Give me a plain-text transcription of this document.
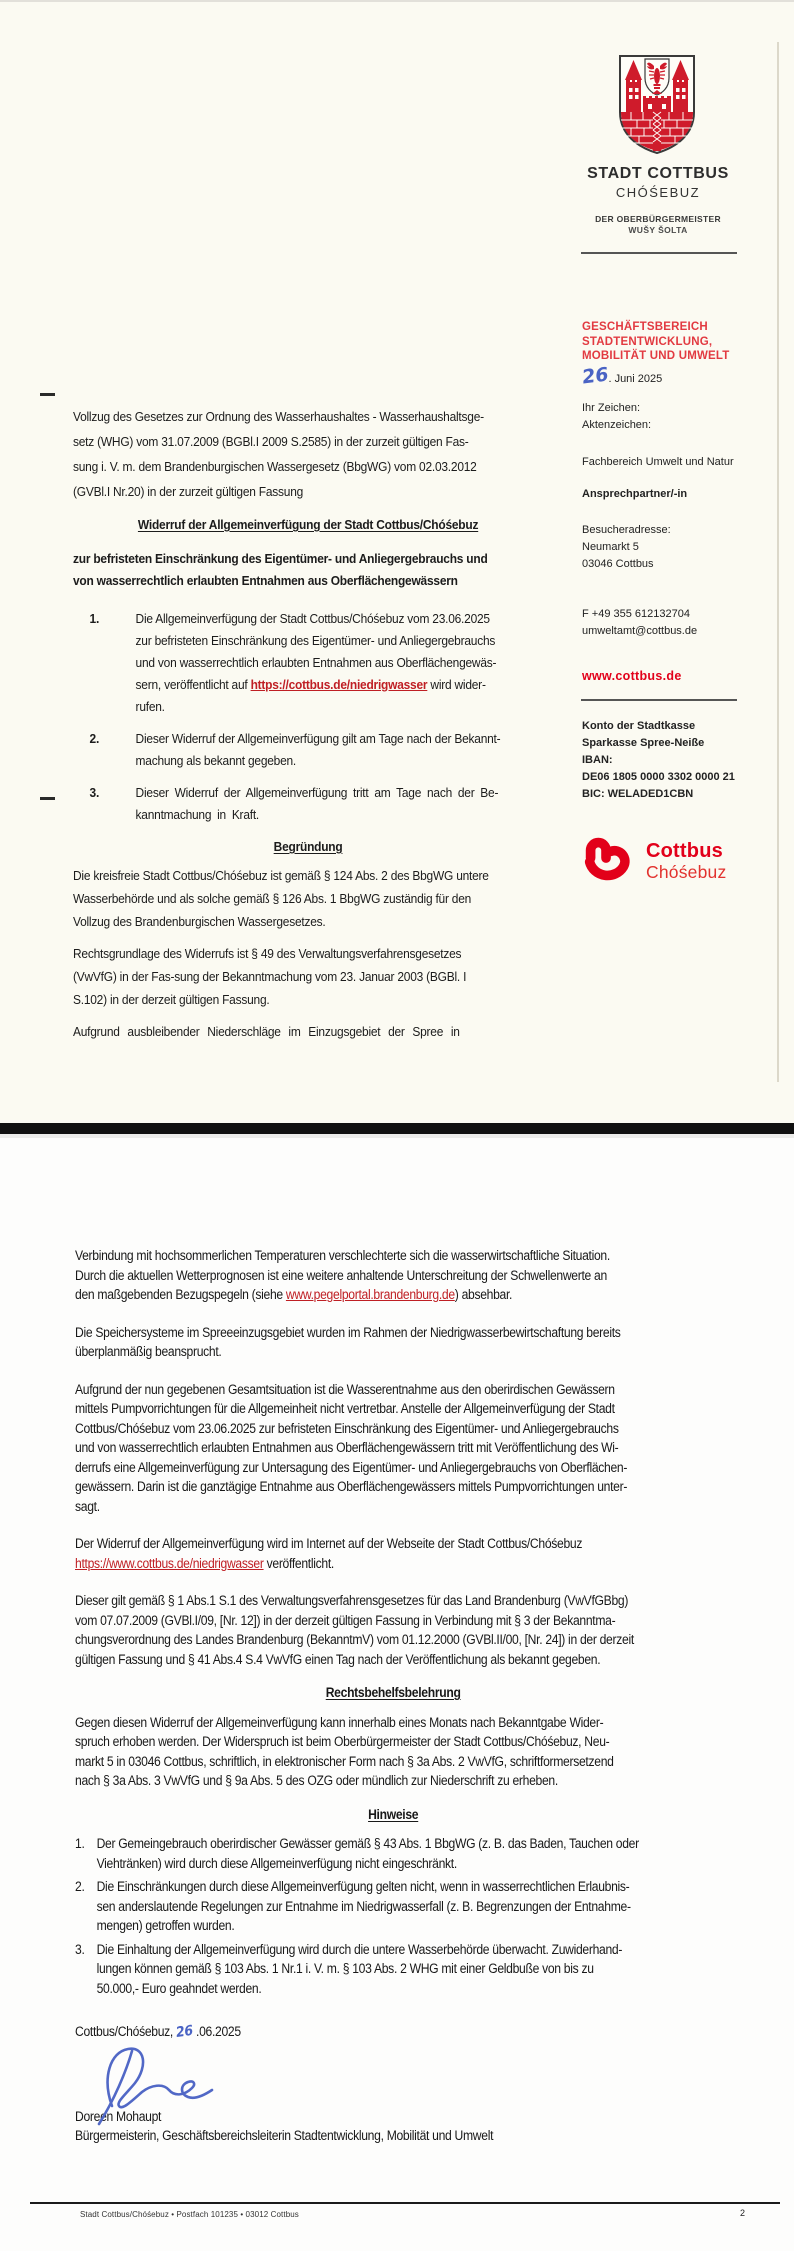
STADT COTTBUS
CHÓŚEBUZ
DER OBERBÜRGERMEISTER
WUŠY ŠOLTA
GESCHÄFTSBEREICH
STADTENTWICKLUNG,
MOBILITÄT UND UMWELT
26. Juni 2025
Ihr Zeichen:
Aktenzeichen:
Fachbereich Umwelt und Natur
Ansprechpartner/-in
Besucheradresse:
Neumarkt 5
03046 Cottbus
F +49 355 612132704
umweltamt@cottbus.de
www.cottbus.de
Konto der Stadtkasse
Sparkasse Spree-Neiße
IBAN:
DE06 1805 0000 3302 0000 21
BIC: WELADED1CBN
Cottbus
Chóśebuz

Vollzug des Gesetzes zur Ordnung des Wasserhaushaltes - Wasserhaushaltsge-
setz (WHG) vom 31.07.2009 (BGBl.I 2009 S.2585) in der zurzeit gültigen Fas-
sung i. V. m. dem Brandenburgischen Wassergesetz (BbgWG) vom 02.03.2012
(GVBl.I Nr.20) in der zurzeit gültigen Fassung

Widerruf der Allgemeinverfügung der Stadt Cottbus/Chóśebuz
zur befristeten Einschränkung des Eigentümer- und Anliegergebrauchs und
von wasserrechtlich erlaubten Entnahmen aus Oberflächengewässern
1.	Die Allgemeinverfügung der Stadt Cottbus/Chóśebuz vom 23.06.2025
zur befristeten Einschränkung des Eigentümer- und Anliegergebrauchs
und von wasserrechtlich erlaubten Entnahmen aus Oberflächengewäs-
sern, veröffentlicht auf https://cottbus.de/niedrigwasser wird wider-
rufen.
2.	Dieser Widerruf der Allgemeinverfügung gilt am Tage nach der Bekannt-
machung als bekannt gegeben.
3.	Dieser Widerruf der Allgemeinverfügung tritt am Tage nach der Be-
kanntmachung in Kraft.
Begründung

Die kreisfreie Stadt Cottbus/Chóśebuz ist gemäß § 124 Abs. 2 des BbgWG untere
Wasserbehörde und als solche gemäß § 126 Abs. 1 BbgWG zuständig für den
Vollzug des Brandenburgischen Wassergesetzes.

Rechtsgrundlage des Widerrufs ist § 49 des Verwaltungsverfahrensgesetzes
(VwVfG) in der Fas-sung der Bekanntmachung vom 23. Januar 2003 (BGBl. I
S.102) in der derzeit gültigen Fassung.

Aufgrund ausbleibender Niederschläge im Einzugsgebiet der Spree in

Verbindung mit hochsommerlichen Temperaturen verschlechterte sich die wasserwirtschaftliche Situation.
Durch die aktuellen Wetterprognosen ist eine weitere anhaltende Unterschreitung der Schwellenwerte an
den maßgebenden Bezugspegeln (siehe www.pegelportal.brandenburg.de) absehbar.

Die Speichersysteme im Spreeeinzugsgebiet wurden im Rahmen der Niedrigwasserbewirtschaftung bereits
überplanmäßig beansprucht.

Aufgrund der nun gegebenen Gesamtsituation ist die Wasserentnahme aus den oberirdischen Gewässern
mittels Pumpvorrichtungen für die Allgemeinheit nicht vertretbar. Anstelle der Allgemeinverfügung der Stadt
Cottbus/Chóśebuz vom 23.06.2025 zur befristeten Einschränkung des Eigentümer- und Anliegergebrauchs
und von wasserrechtlich erlaubten Entnahmen aus Oberflächengewässern tritt mit Veröffentlichung des Wi-
derrufs eine Allgemeinverfügung zur Untersagung des Eigentümer- und Anliegergebrauchs von Oberflächen-
gewässern. Darin ist die ganztägige Entnahme aus Oberflächengewässers mittels Pumpvorrichtungen unter-
sagt.

Der Widerruf der Allgemeinverfügung wird im Internet auf der Webseite der Stadt Cottbus/Chóśebuz
https://www.cottbus.de/niedrigwasser veröffentlicht.

Dieser gilt gemäß § 1 Abs.1 S.1 des Verwaltungsverfahrensgesetzes für das Land Brandenburg (VwVfGBbg)
vom 07.07.2009 (GVBl.I/09, [Nr. 12]) in der derzeit gültigen Fassung in Verbindung mit § 3 der Bekanntma-
chungsverordnung des Landes Brandenburg (BekanntmV) vom 01.12.2000 (GVBl.II/00, [Nr. 24]) in der derzeit
gültigen Fassung und § 41 Abs.4 S.4 VwVfG einen Tag nach der Veröffentlichung als bekannt gegeben.

Rechtsbehelfsbelehrung

Gegen diesen Widerruf der Allgemeinverfügung kann innerhalb eines Monats nach Bekanntgabe Wider-
spruch erhoben werden. Der Widerspruch ist beim Oberbürgermeister der Stadt Cottbus/Chóśebuz, Neu-
markt 5 in 03046 Cottbus, schriftlich, in elektronischer Form nach § 3a Abs. 2 VwVfG, schriftformersetzend
nach § 3a Abs. 3 VwVfG und § 9a Abs. 5 des OZG oder mündlich zur Niederschrift zu erheben.

Hinweise
1. Der Gemeingebrauch oberirdischer Gewässer gemäß § 43 Abs. 1 BbgWG (z. B. das Baden, Tauchen oder
Viehtränken) wird durch diese Allgemeinverfügung nicht eingeschränkt.
2. Die Einschränkungen durch diese Allgemeinverfügung gelten nicht, wenn in wasserrechtlichen Erlaubnis-
sen anderslautende Regelungen zur Entnahme im Niedrigwasserfall (z. B. Begrenzungen der Entnahme-
mengen) getroffen wurden.
3. Die Einhaltung der Allgemeinverfügung wird durch die untere Wasserbehörde überwacht. Zuwiderhand-
lungen können gemäß § 103 Abs. 1 Nr.1 i. V. m. § 103 Abs. 2 WHG mit einer Geldbuße von bis zu
50.000,- Euro geahndet werden.

Cottbus/Chóśebuz, 26 .06.2025

Doreen Mohaupt

Bürgermeisterin, Geschäftsbereichsleiterin Stadtentwicklung, Mobilität und Umwelt

Stadt Cottbus/Chóśebuz • Postfach 101235 • 03012 Cottbus	2
